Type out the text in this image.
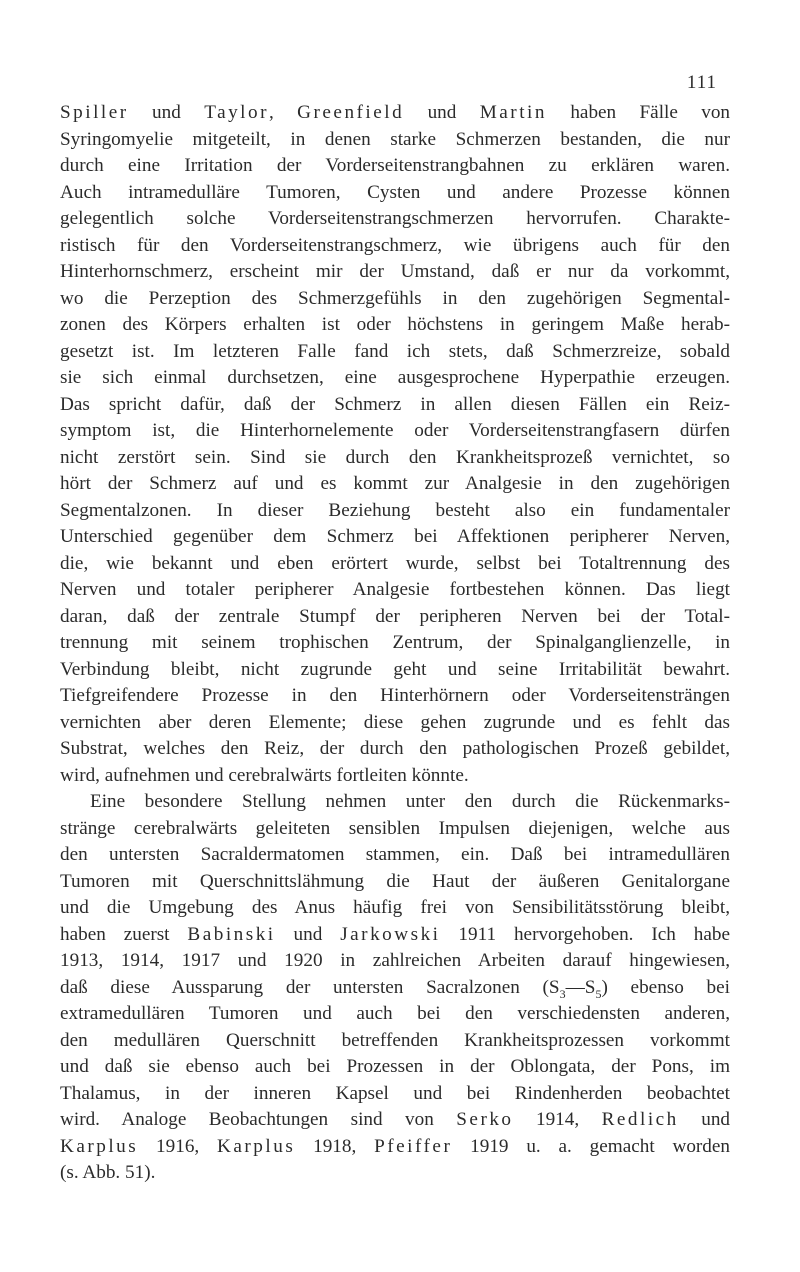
111
Spiller und Taylor, Greenfield und Martin haben Fälle von
Syringomyelie mitgeteilt, in denen starke Schmerzen bestanden, die nur
durch eine Irritation der Vorderseitenstrangbahnen zu erklären waren.
Auch intramedulläre Tumoren, Cysten und andere Prozesse können
gelegentlich solche Vorderseitenstrangschmerzen hervorrufen. Charakte-
ristisch für den Vorderseitenstrangschmerz, wie übrigens auch für den
Hinterhornschmerz, erscheint mir der Umstand, daß er nur da vorkommt,
wo die Perzeption des Schmerzgefühls in den zugehörigen Segmental-
zonen des Körpers erhalten ist oder höchstens in geringem Maße herab-
gesetzt ist. Im letzteren Falle fand ich stets, daß Schmerzreize, sobald
sie sich einmal durchsetzen, eine ausgesprochene Hyperpathie erzeugen.
Das spricht dafür, daß der Schmerz in allen diesen Fällen ein Reiz-
symptom ist, die Hinterhornelemente oder Vorderseitenstrangfasern dürfen
nicht zerstört sein. Sind sie durch den Krankheitsprozeß vernichtet, so
hört der Schmerz auf und es kommt zur Analgesie in den zugehörigen
Segmentalzonen. In dieser Beziehung besteht also ein fundamentaler
Unterschied gegenüber dem Schmerz bei Affektionen peripherer Nerven,
die, wie bekannt und eben erörtert wurde, selbst bei Totaltrennung des
Nerven und totaler peripherer Analgesie fortbestehen können. Das liegt
daran, daß der zentrale Stumpf der peripheren Nerven bei der Total-
trennung mit seinem trophischen Zentrum, der Spinalganglienzelle, in
Verbindung bleibt, nicht zugrunde geht und seine Irritabilität bewahrt.
Tiefgreifendere Prozesse in den Hinterhörnern oder Vorderseitensträngen
vernichten aber deren Elemente; diese gehen zugrunde und es fehlt das
Substrat, welches den Reiz, der durch den pathologischen Prozeß gebildet,
wird, aufnehmen und cerebralwärts fortleiten könnte.
Eine besondere Stellung nehmen unter den durch die Rückenmarks-
stränge cerebralwärts geleiteten sensiblen Impulsen diejenigen, welche aus
den untersten Sacraldermatomen stammen, ein. Daß bei intramedullären
Tumoren mit Querschnittslähmung die Haut der äußeren Genitalorgane
und die Umgebung des Anus häufig frei von Sensibilitätsstörung bleibt,
haben zuerst Babinski und Jarkowski 1911 hervorgehoben. Ich habe
1913, 1914, 1917 und 1920 in zahlreichen Arbeiten darauf hingewiesen,
daß diese Aussparung der untersten Sacralzonen $(S_3—S_5)$ ebenso bei
extramedullären Tumoren und auch bei den verschiedensten anderen,
den medullären Querschnitt betreffenden Krankheitsprozessen vorkommt
und daß sie ebenso auch bei Prozessen in der Oblongata, der Pons, im
Thalamus, in der inneren Kapsel und bei Rindenherden beobachtet
wird. Analoge Beobachtungen sind von Serko 1914, Redlich und
Karplus 1916, Karplus 1918, Pfeiffer 1919 u. a. gemacht worden
(s. Abb. 51).
